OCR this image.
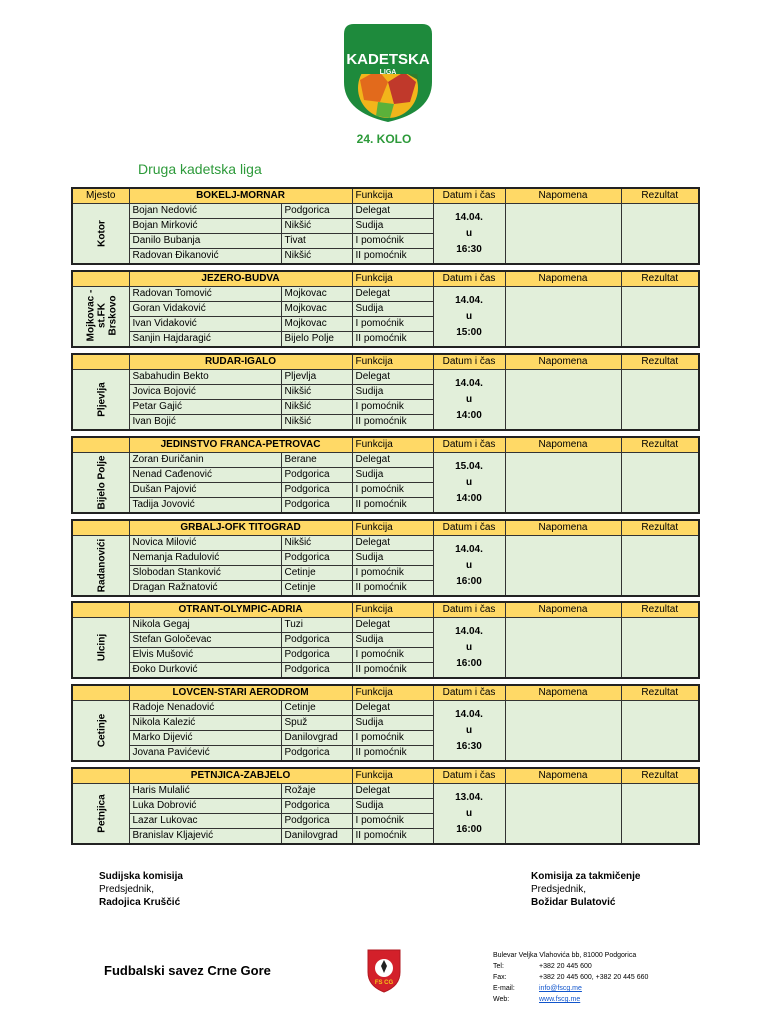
KADETSKA
LIGA
24. KOLO
Druga kadetska liga
Mjesto	BOKELJ-MORNAR		Funkcija	Datum i čas	Napomena	Rezultat
Kotor	Bojan Nedović	Podgorica	Delegat	14.04.
u
16:30		

	Bojan Mirković	Nikšić	Sudija			
	Danilo Bubanja	Tivat	I pomoćnik			
	Radovan Đikanović	Nikšić	II pomoćnik			
	JEZERO-BUDVA		Funkcija	Datum i čas	Napomena	Rezultat
Mojkovac -st.FK Brskovo	Radovan Tomović	Mojkovac	Delegat	14.04.
u
15:00		

	Goran Vidaković	Mojkovac	Sudija			
	Ivan Vidaković	Mojkovac	I pomoćnik			
	Sanjin Hajdaragić	Bijelo Polje	II pomoćnik			
	RUDAR-IGALO		Funkcija	Datum i čas	Napomena	Rezultat
Pljevlja	Sabahudin Bekto	Pljevlja	Delegat	14.04.
u
14:00		

	Jovica Bojović	Nikšić	Sudija			
	Petar Gajić	Nikšić	I pomoćnik			
	Ivan Bojić	Nikšić	II pomoćnik			
	JEDINSTVO FRANCA-PETROVAC		Funkcija	Datum i čas	Napomena	Rezultat
Bijelo Polje	Zoran Đuričanin	Berane	Delegat	15.04.
u
14:00		

	Nenad Cađenović	Podgorica	Sudija			
	Dušan Pajović	Podgorica	I pomoćnik			
	Tadija Jovović	Podgorica	II pomoćnik			
	GRBALJ-OFK TITOGRAD		Funkcija	Datum i čas	Napomena	Rezultat
Radanovići	Novica Milović	Nikšić	Delegat	14.04.
u
16:00		

	Nemanja Radulović	Podgorica	Sudija			
	Slobodan Stanković	Cetinje	I pomoćnik			
	Dragan Ražnatović	Cetinje	II pomoćnik			
	OTRANT-OLYMPIC-ADRIA		Funkcija	Datum i čas	Napomena	Rezultat
Ulcinj	Nikola Gegaj	Tuzi	Delegat	14.04.
u
16:00		

	Stefan Goločevac	Podgorica	Sudija			
	Elvis Mušović	Podgorica	I pomoćnik			
	Đoko Durković	Podgorica	II pomoćnik			
	LOVCEN-STARI AERODROM		Funkcija	Datum i čas	Napomena	Rezultat
Cetinje	Radoje Nenadović	Cetinje	Delegat	14.04.
u
16:30		

	Nikola Kalezić	Spuž	Sudija			
	Marko Dijević	Danilovgrad	I pomoćnik			
	Jovana Pavićević	Podgorica	II pomoćnik			
	PETNJICA-ZABJELO		Funkcija	Datum i čas	Napomena	Rezultat
Petnjica	Haris Mulalić	Rožaje	Delegat	13.04.
u
16:00		

	Luka Dobrović	Podgorica	Sudija			
	Lazar Lukovac	Podgorica	I pomoćnik			
	Branislav Kljajević	Danilovgrad	II pomoćnik			
Sudijska komisija
Predsjednik,
Radojica Kruščić
Komisija za takmičenje
Predsjednik,
Božidar Bulatović
Fudbalski savez Crne Gore
FS CG
Bulevar Veljka Vlahovića bb, 81000 Podgorica
Tel:	+382 20 445 600
Fax:	+382 20 445 600, +382 20 445 660
E-mail:	info@fscg.me
Web:	www.fscg.me
